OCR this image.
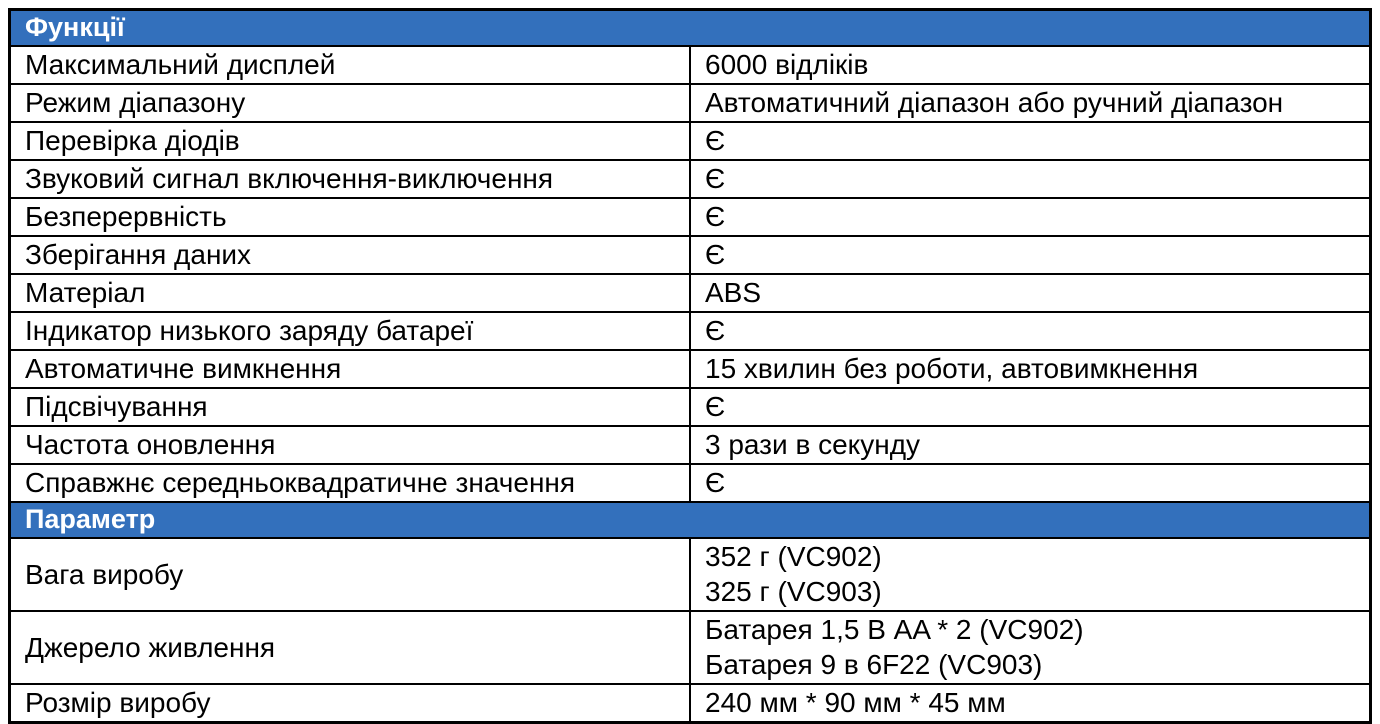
Функції	
Максимальний дисплей	6000 відліків

Режим діапазону	Автоматичний діапазон або ручний діапазон

Перевірка діодів	Є

Звуковий сигнал включення-виключення	Є

Безперервність	Є

Зберігання даних	Є

Матеріал	ABS

Індикатор низького заряду батареї	Є

Автоматичне вимкнення	15 хвилин без роботи, автовимкнення

Підсвічування	Є

Частота оновлення	3 рази в секунду

Справжнє середньоквадратичне значення	Є

Параметр	
Вага виробу	352 г (VC902)
325 г (VC903)

Джерело живлення	Батарея 1,5 В AA * 2 (VC902)
Батарея 9 в 6F22 (VC903)

Розмір виробу	240 мм * 90 мм * 45 мм
